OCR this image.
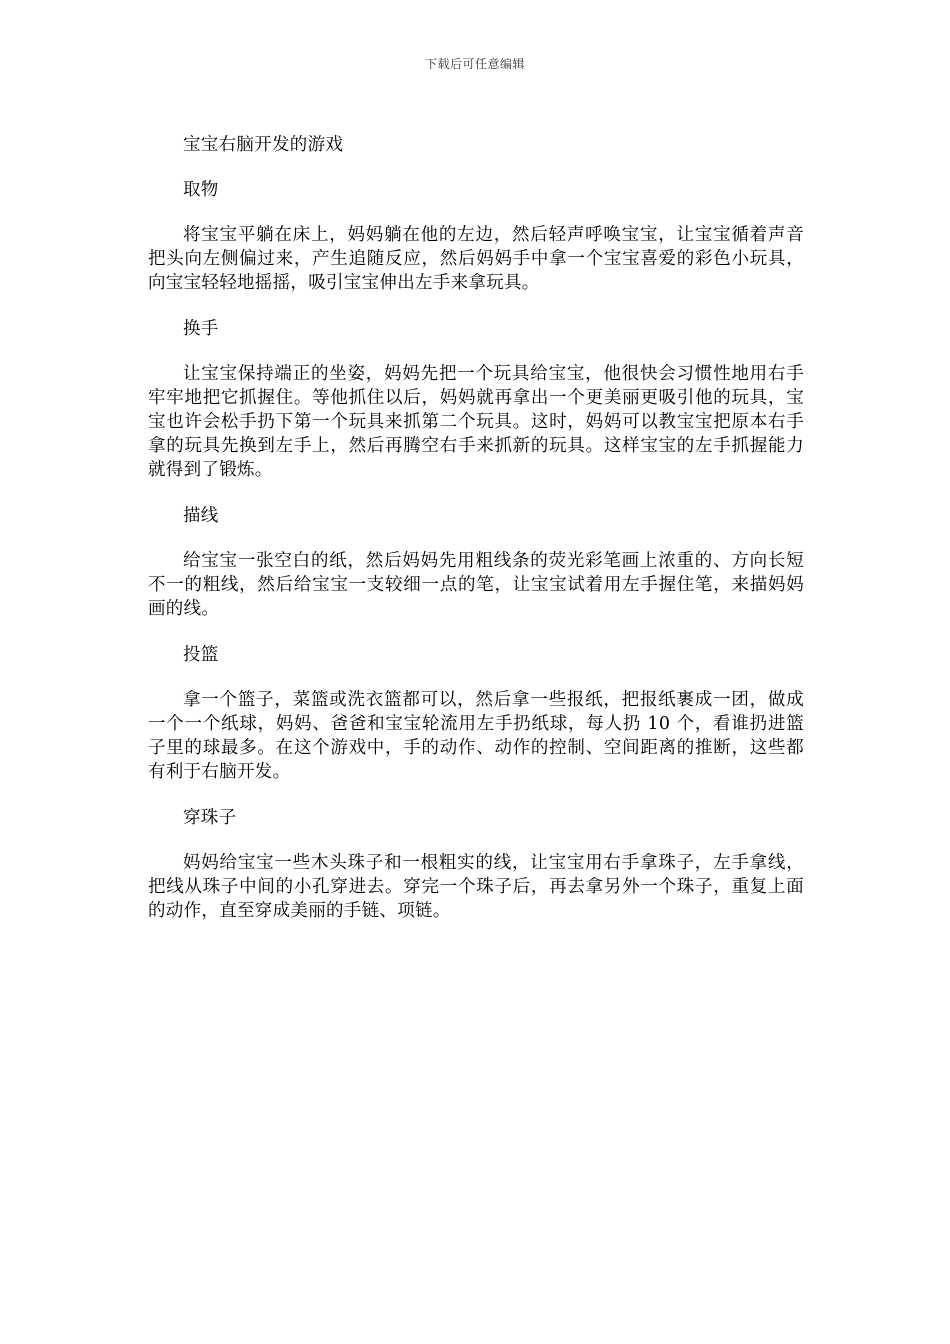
下载后可任意编辑

宝宝右脑开发的游戏

取物

将宝宝平躺在床上，妈妈躺在他的左边，然后轻声呼唤宝宝，让宝宝循着声音把头向左侧偏过来，产生追随反应，然后妈妈手中拿一个宝宝喜爱的彩色小玩具，向宝宝轻轻地摇摇，吸引宝宝伸出左手来拿玩具。

换手

让宝宝保持端正的坐姿，妈妈先把一个玩具给宝宝，他很快会习惯性地用右手牢牢地把它抓握住。等他抓住以后，妈妈就再拿出一个更美丽更吸引他的玩具，宝宝也许会松手扔下第一个玩具来抓第二个玩具。这时，妈妈可以教宝宝把原本右手拿的玩具先换到左手上，然后再腾空右手来抓新的玩具。这样宝宝的左手抓握能力就得到了锻炼。

描线

给宝宝一张空白的纸，然后妈妈先用粗线条的荧光彩笔画上浓重的、方向长短不一的粗线，然后给宝宝一支较细一点的笔，让宝宝试着用左手握住笔，来描妈妈画的线。

投篮

拿一个篮子，菜篮或洗衣篮都可以，然后拿一些报纸，把报纸裹成一团，做成一个一个纸球，妈妈、爸爸和宝宝轮流用左手扔纸球，每人扔 10 个，看谁扔进篮子里的球最多。在这个游戏中，手的动作、动作的控制、空间距离的推断，这些都有利于右脑开发。

穿珠子

妈妈给宝宝一些木头珠子和一根粗实的线，让宝宝用右手拿珠子，左手拿线，把线从珠子中间的小孔穿进去。穿完一个珠子后，再去拿另外一个珠子，重复上面的动作，直至穿成美丽的手链、项链。
